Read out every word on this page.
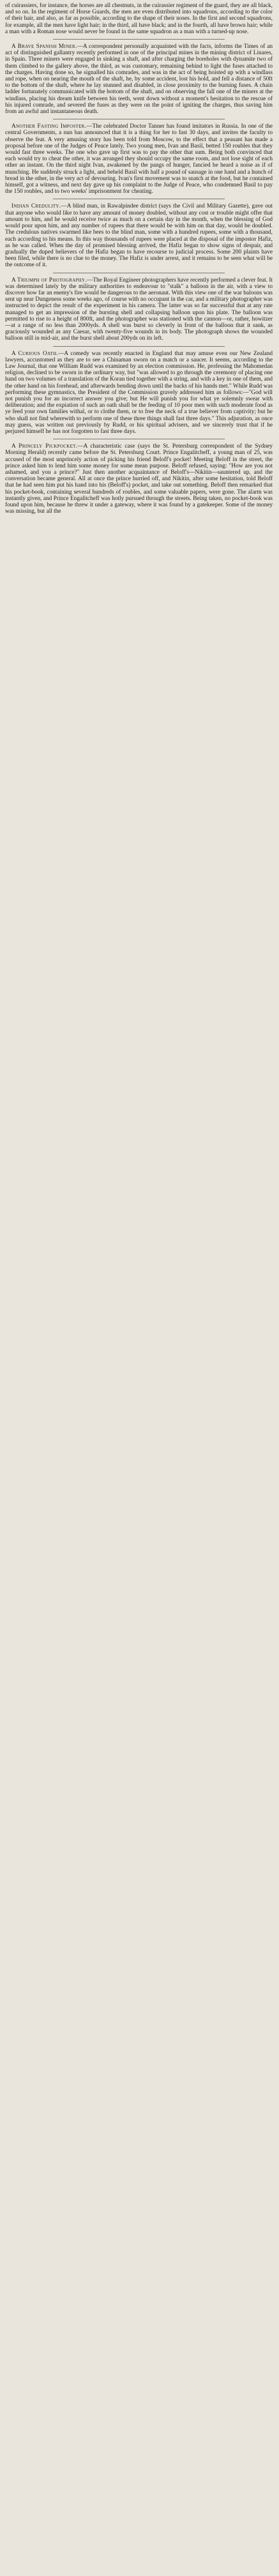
of cuirassiers, for instance, the horses are all chestnuts, in the cuirassier regiment of the guard, they are all black, and so on. In the regiment of Horse Guards, the men are even distributed into squadrons, according to the color of their hair, and also, as far as possible, according to the shape of their noses. In the first and second squadrons, for example, all the men have light hair; in the third, all have black; and in the fourth, all have brown hair; while a man with a Roman nose would never be found in the same squadron as a man with a turned-up nose.

A Brave Spanish Miner.—A correspondent personally acquainted with the facts, informs the Times of an act of distinguished gallantry recently performed in one of the principal mines in the mining district of Linares, in Spain. Three miners were engaged in sinking a shaft, and after charging the boreholes with dynamite two of them climbed to the gallery above, the third, as was customary, remaining behind to light the fuses attached to the charges. Having done so, he signalled his comrades, and was in the act of being hoisted up with a windlass and rope, when on nearing the mouth of the shaft, he, by some accident, lost his hold, and fell a distance of 50ft to the bottom of the shaft, where he lay stunned and disabled, in close proximity to the burning fuses. A chain ladder fortunately communicated with the bottom of the shaft, and on observing the fall one of the miners at the windlass, placing his dream knife between his teeth, went down without a moment's hesitation to the rescue of his injured comrade, and severed the fuses as they were on the point of igniting the charges, thus saving him from an awful and instantaneous death.

Another Fasting Imposter.—The celebrated Doctor Tanner has found imitators in Russia. In one of the central Governments, a nun has announced that it is a thing for her to fast 30 days, and invites the faculty to observe the feat. A very amusing story has been told from Moscow, to the effect that a peasant has made a proposal before one of the Judges of Peace lately. Two young men, Ivan and Basil, betted 150 roubles that they would fast three weeks. The one who gave up first was to pay the other that sum. Being both convinced that each would try to cheat the other, it was arranged they should occupy the same room, and not lose sight of each other an instant. On the third night Ivan, awakened by the pangs of hunger, fancied he heard a noise as if of munching. He suddenly struck a light, and beheld Basil with half a pound of sausage in one hand and a hunch of bread in the other, in the very act of devouring. Ivan's first movement was to snatch at the food, but he contained himself, got a witness, and next day gave up his complaint to the Judge of Peace, who condemned Basil to pay the 150 roubles, and to two weeks' imprisonment for cheating.

Indian Credulity.—A blind man, in Rawalpindee district (says the Civil and Military Gazette), gave out that anyone who would like to have any amount of money doubled, without any cost or trouble might offer that amount to him, and he would receive twice as much on a certain day in the month, when the blessing of God would pour upon him, and any number of rupees that there would be with him on that day, would be doubled. The credulous natives swarmed like bees to the blind man, some with a hundred rupees, some with a thousand, each according to his means. In this way thousands of rupees were placed at the disposal of the impostor Hafiz, as he was called. When the day of promised blessing arrived, the Hafiz began to show signs of despair, and gradually the duped believers of the Hafiz began to have recourse to judicial process. Some 200 plaints have been filed, while there is no clue to the money. The Hafiz is under arrest, and it remains to be seen what will be the outcome of it.

A Triumph of Photography.—The Royal Engineer photographers have recently performed a clever feat. It was determined lately by the military authorities to endeavour to "stalk" a balloon in the air, with a view to discover how far an enemy's fire would be dangerous to the aeronaut. With this view one of the war baloons was sent up near Dungeness some weeks ago, of course with no occupant in the car, and a military photographer was instructed to depict the result of the experiment in his camera. The latter was so far successful that at any rate managed to get an impression of the bursting shell and collapsing balloon upon his plate. The balloon was permitted to rise to a height of 800ft, and the photographer was stationed with the cannon—or, rather, howitzer—at a range of no less than 2000yds. A shell was burst so cleverly in front of the balloon that it sank, as graciously wounded as any Caesar, with twenty-five wounds in its body. The photograph shows the wounded balloon still in mid-air, and the burst shell about 200yds on its left.

A Curious Oath.—A comedy was recently enacted in England that may amuse even our New Zealand lawyers, accustomed as they are to see a Chinaman sworn on a match or a saucer. It seems, according to the Law Journal, that one William Rudd was examined by an election commission. He, professing the Mahomedan religion, declined to be sworn in the ordinary way, but "was allowed to go through the ceremony of placing one hand on two volumes of a translation of the Koran tied together with a string, and with a key in one of them, and the other hand on his forehead, and afterwards bending down until the backs of his hands met." While Rudd was performing these gymnastics, the President of the Commission gravely addressed him as follows:—"God will not punish you for an incorrect answer you give; but He will punish you for what ye solemnly swear with deliberation; and the expiation of such an oath shall be the feeding of 10 poor men with such moderate food as ye feed your own families withal, or to clothe them, or to free the neck of a true believer from captivity; but he who shall not find wherewith to perform one of these three things shall fast three days." This adjuration, as once may guess, was written out previously by Rudd, or his spiritual advisers, and we sincerely trust that if he perjured himself he has not forgotten to fast three days.

A Princely Pickpocket.—A characteristic case (says the St. Petersburg correspondent of the Sydney Morning Herald) recently came before the St. Petersburg Court. Prince Engalitcheff, a young man of 25, was accused of the most unprincely action of picking his friend Beloff's pocket! Meeting Beloff in the street, the prince asked him to lend him some money for some mean purpose. Beloff refused, saying: "How are you not ashamed, and you a prince?" Just then another acquaintance of Beloff's—Nikitin—sauntered up, and the conversation became general. All at once the prince hurried off, and Nikitin, after some hesitation, told Beloff that he had seen him put his hand into his (Beloff's) pocket, and take out something. Beloff then remarked that his pocket-book, containing several hundreds of roubles, and some valuable papers, were gone. The alarm was instantly given, and Prince Engalitcheff was hotly pursued through the streets. Being taken, no pocket-book was found upon him, because he threw it under a gateway, where it was found by a gatekeeper. Some of the money was missing, but all the
